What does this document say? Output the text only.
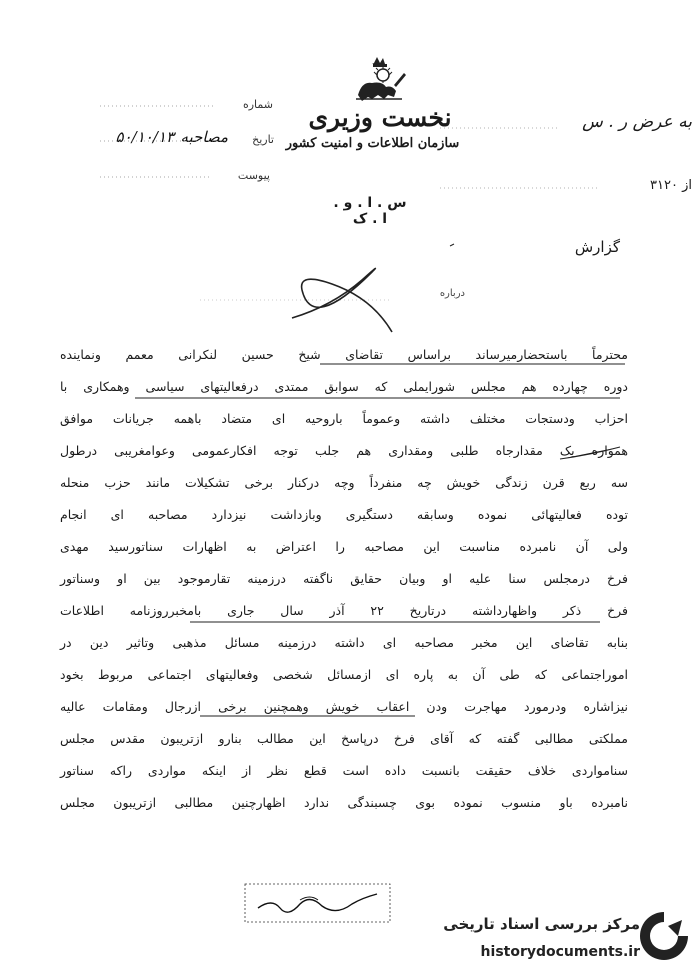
نخست وزیری
سازمان اطلاعات و امنیت کشور
س . ا . و . ا . ک
شماره
تاریخ
۵۰/۱۰/۱۳ مصاحبه
پیوست
به عرض ر . س
از ۳۱۲۰
گزارش
درباره
محترماً باستحضارمیرساند براساس تقاضای شیخ حسین لنکرانی معمم ونماینده
دوره چهارده هم مجلس شورایملی که سوابق ممتدی درفعالیتهای سیاسی وهمکاری با
احزاب ودستجات مختلف داشته وعموماً باروحیه ای متضاد باهمه جریانات موافق
همواره یک مقدارجاه طلبی ومقداری هم جلب توجه افکارعمومی وعوامغریبی درطول
سه ربع قرن زندگی خویش چه منفرداً وچه درکنار برخی تشکیلات مانند حزب منحله
توده فعالیتهائی نموده وسابقه دستگیری وبازداشت نیزدارد مصاحبه ای انجام
ولی آن نامبرده مناسبت این مصاحبه را اعتراض به اظهارات سناتورسید مهدی
فرخ درمجلس سنا علیه او وبیان حقایق ناگفته درزمینه تقارموجود بین او وسناتور
فرخ ذکر واظهارداشته درتاریخ ۲۲ آذر سال جاری بامخبرروزنامه اطلاعات
بنابه تقاضای این مخبر مصاحبه ای داشته درزمینه مسائل مذهبی وتاثیر دین در
اموراجتماعی که طی آن به پاره ای ازمسائل شخصی وفعالیتهای اجتماعی مربوط بخود
نیزاشاره ودرمورد مهاجرت ودن اعقاب خویش وهمچنین برخی ازرجال ومقامات عالیه
مملکتی مطالبی گفته که آقای فرخ درپاسخ این مطالب بنارو ازتریبون مقدس مجلس
سنامواردی خلاف حقیقت بانسبت داده است قطع نظر از اینکه مواردی راکه سناتور
نامبرده باو منسوب نموده بوی چسبندگی ندارد اظهارچنین مطالبی ازتریبون مجلس
مرکز بررسی اسناد تاریخی
historydocuments.ir
